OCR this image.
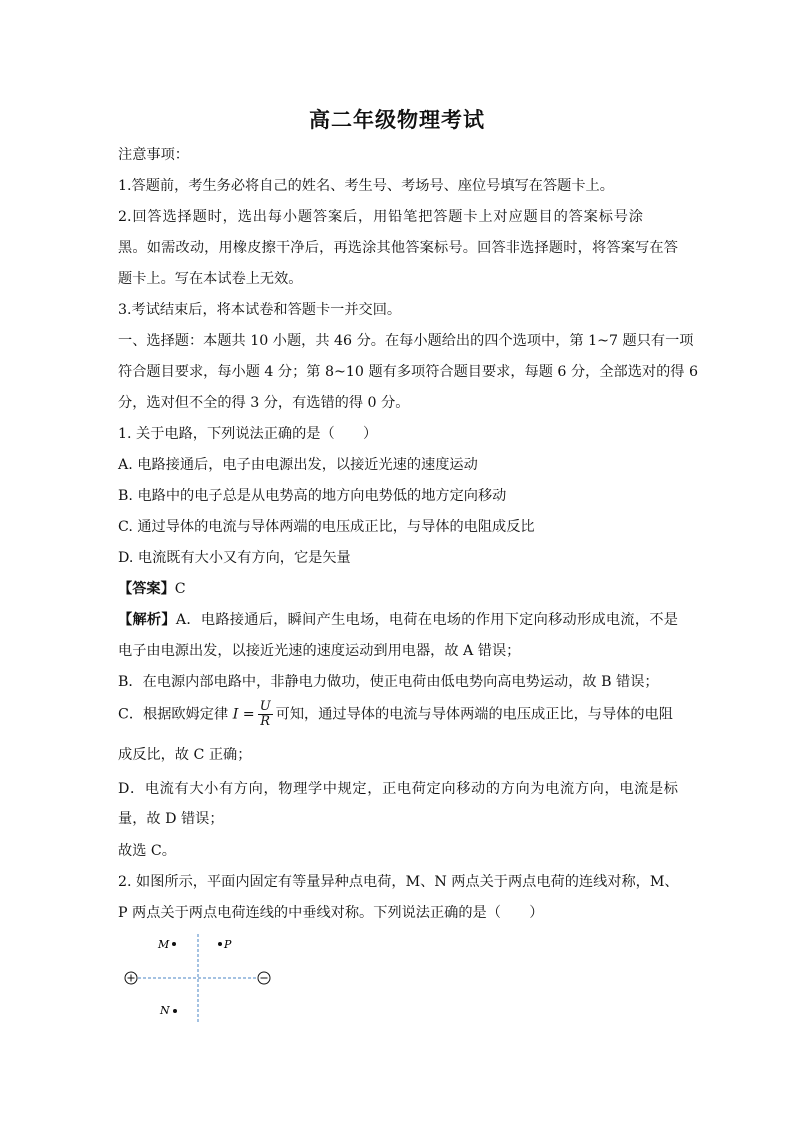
高二年级物理考试
注意事项：
1.答题前，考生务必将自己的姓名、考生号、考场号、座位号填写在答题卡上。
2.回答选择题时，选出每小题答案后，用铅笔把答题卡上对应题目的答案标号涂
黑。如需改动，用橡皮擦干净后，再选涂其他答案标号。回答非选择题时，将答案写在答
题卡上。写在本试卷上无效。
3.考试结束后，将本试卷和答题卡一并交回。
一、选择题：本题共 10 小题，共 46 分。在每小题给出的四个选项中，第 1~7 题只有一项
符合题目要求，每小题 4 分；第 8~10 题有多项符合题目要求，每题 6 分，全部选对的得 6
分，选对但不全的得 3 分，有选错的得 0 分。
1. 关于电路，下列说法正确的是（　　）
A. 电路接通后，电子由电源出发，以接近光速的速度运动
B. 电路中的电子总是从电势高的地方向电势低的地方定向移动
C. 通过导体的电流与导体两端的电压成正比，与导体的电阻成反比
D. 电流既有大小又有方向，它是矢量
【答案】C
【解析】A．电路接通后，瞬间产生电场，电荷在电场的作用下定向移动形成电流，不是
电子由电源出发，以接近光速的速度运动到用电器，故 A 错误；
B．在电源内部电路中，非静电力做功，使正电荷由低电势向高电势运动，故 B 错误；
C．根据欧姆定律 $I = \frac{U}{R}$ 可知，通过导体的电流与导体两端的电压成正比，与导体的电阻
成反比，故 C 正确；
D．电流有大小有方向，物理学中规定，正电荷定向移动的方向为电流方向，电流是标
量，故 D 错误；
故选 C。
2. 如图所示，平面内固定有等量异种点电荷，M、N 两点关于两点电荷的连线对称，M、
P 两点关于两点电荷连线的中垂线对称。下列说法正确的是（　　）
M	P
N
